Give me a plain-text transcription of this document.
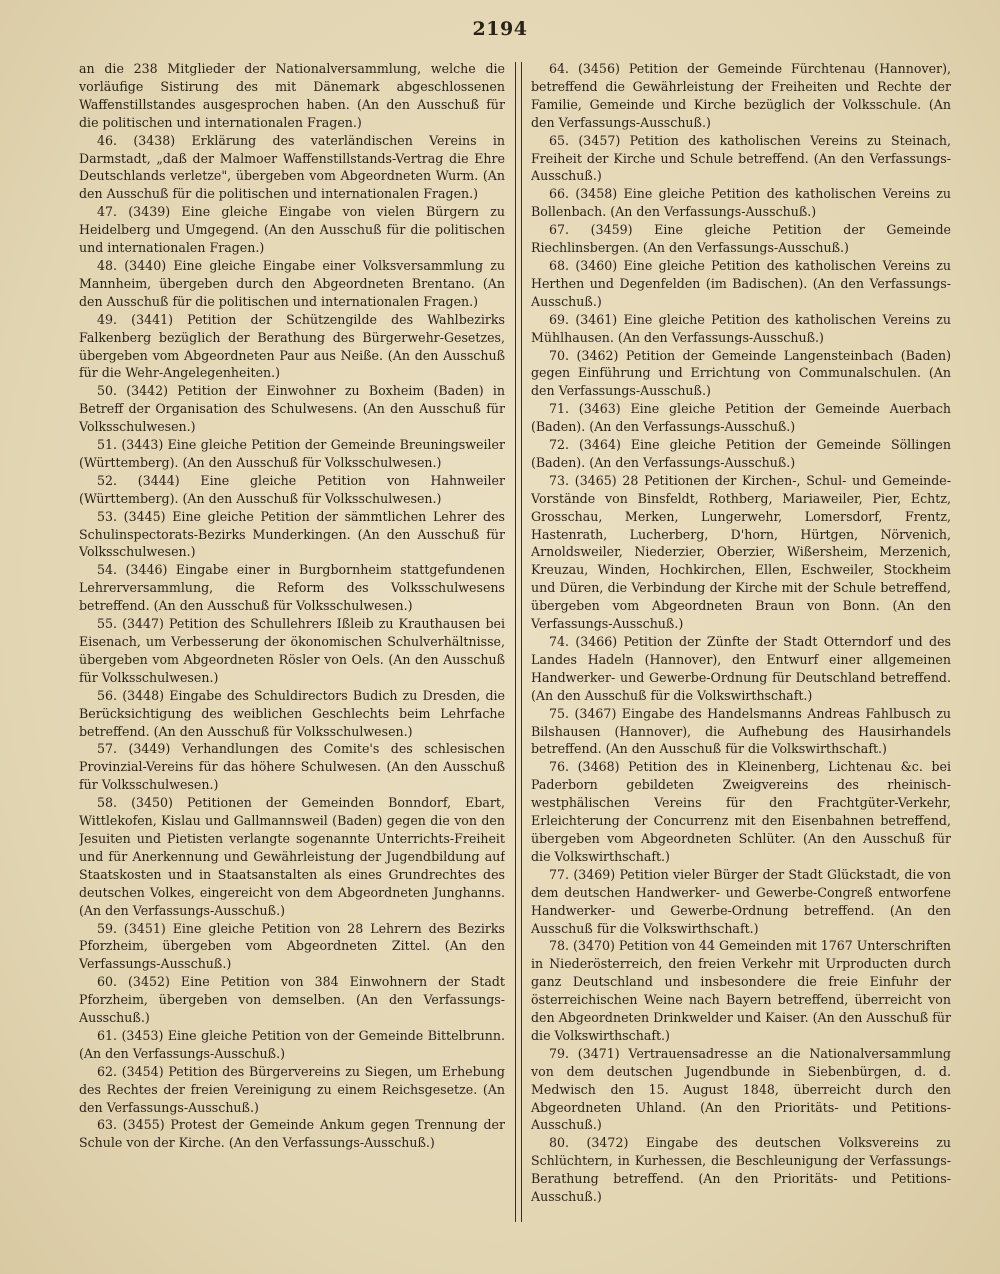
2194

an die 238 Mitglieder der Nationalversammlung, welche die vorläufige Sistirung des mit Dänemark abgeschlossenen Waffenstillstandes ausgesprochen haben. (An den Ausschuß für die politischen und internationalen Fragen.)

46. (3438) Erklärung des vaterländischen Vereins in Darmstadt, „daß der Malmoer Waffenstillstands-Vertrag die Ehre Deutschlands verletze", übergeben vom Abgeordneten Wurm. (An den Ausschuß für die politischen und internationalen Fragen.)

47. (3439) Eine gleiche Eingabe von vielen Bürgern zu Heidelberg und Umgegend. (An den Ausschuß für die politischen und internationalen Fragen.)

48. (3440) Eine gleiche Eingabe einer Volksversammlung zu Mannheim, übergeben durch den Abgeordneten Brentano. (An den Ausschuß für die politischen und internationalen Fragen.)

49. (3441) Petition der Schützengilde des Wahlbezirks Falkenberg bezüglich der Berathung des Bürgerwehr-Gesetzes, übergeben vom Abgeordneten Paur aus Neiße. (An den Ausschuß für die Wehr-Angelegenheiten.)

50. (3442) Petition der Einwohner zu Boxheim (Baden) in Betreff der Organisation des Schulwesens. (An den Ausschuß für Volksschulwesen.)

51. (3443) Eine gleiche Petition der Gemeinde Breuningsweiler (Württemberg). (An den Ausschuß für Volksschulwesen.)

52. (3444) Eine gleiche Petition von Hahnweiler (Württemberg). (An den Ausschuß für Volksschulwesen.)

53. (3445) Eine gleiche Petition der sämmtlichen Lehrer des Schulinspectorats-Bezirks Munderkingen. (An den Ausschuß für Volksschulwesen.)

54. (3446) Eingabe einer in Burgbornheim stattgefundenen Lehrerversammlung, die Reform des Volksschulwesens betreffend. (An den Ausschuß für Volksschulwesen.)

55. (3447) Petition des Schullehrers Ißleib zu Krauthausen bei Eisenach, um Verbesserung der ökonomischen Schulverhältnisse, übergeben vom Abgeordneten Rösler von Oels. (An den Ausschuß für Volksschulwesen.)

56. (3448) Eingabe des Schuldirectors Budich zu Dresden, die Berücksichtigung des weiblichen Geschlechts beim Lehrfache betreffend. (An den Ausschuß für Volksschulwesen.)

57. (3449) Verhandlungen des Comite's des schlesischen Provinzial-Vereins für das höhere Schulwesen. (An den Ausschuß für Volksschulwesen.)

58. (3450) Petitionen der Gemeinden Bonndorf, Ebart, Wittlekofen, Kislau und Gallmannsweil (Baden) gegen die von den Jesuiten und Pietisten verlangte sogenannte Unterrichts-Freiheit und für Anerkennung und Gewährleistung der Jugendbildung auf Staatskosten und in Staatsanstalten als eines Grundrechtes des deutschen Volkes, eingereicht von dem Abgeordneten Junghanns. (An den Verfassungs-Ausschuß.)

59. (3451) Eine gleiche Petition von 28 Lehrern des Bezirks Pforzheim, übergeben vom Abgeordneten Zittel. (An den Verfassungs-Ausschuß.)

60. (3452) Eine Petition von 384 Einwohnern der Stadt Pforzheim, übergeben von demselben. (An den Verfassungs-Ausschuß.)

61. (3453) Eine gleiche Petition von der Gemeinde Bittelbrunn. (An den Verfassungs-Ausschuß.)

62. (3454) Petition des Bürgervereins zu Siegen, um Erhebung des Rechtes der freien Vereinigung zu einem Reichsgesetze. (An den Verfassungs-Ausschuß.)

63. (3455) Protest der Gemeinde Ankum gegen Trennung der Schule von der Kirche. (An den Verfassungs-Ausschuß.)

64. (3456) Petition der Gemeinde Fürchtenau (Hannover), betreffend die Gewährleistung der Freiheiten und Rechte der Familie, Gemeinde und Kirche bezüglich der Volksschule. (An den Verfassungs-Ausschuß.)

65. (3457) Petition des katholischen Vereins zu Steinach, Freiheit der Kirche und Schule betreffend. (An den Verfassungs-Ausschuß.)

66. (3458) Eine gleiche Petition des katholischen Vereins zu Bollenbach. (An den Verfassungs-Ausschuß.)

67. (3459) Eine gleiche Petition der Gemeinde Riechlinsbergen. (An den Verfassungs-Ausschuß.)

68. (3460) Eine gleiche Petition des katholischen Vereins zu Herthen und Degenfelden (im Badischen). (An den Verfassungs-Ausschuß.)

69. (3461) Eine gleiche Petition des katholischen Vereins zu Mühlhausen. (An den Verfassungs-Ausschuß.)

70. (3462) Petition der Gemeinde Langensteinbach (Baden) gegen Einführung und Errichtung von Communalschulen. (An den Verfassungs-Ausschuß.)

71. (3463) Eine gleiche Petition der Gemeinde Auerbach (Baden). (An den Verfassungs-Ausschuß.)

72. (3464) Eine gleiche Petition der Gemeinde Söllingen (Baden). (An den Verfassungs-Ausschuß.)

73. (3465) 28 Petitionen der Kirchen-, Schul- und Gemeinde-Vorstände von Binsfeldt, Rothberg, Mariaweiler, Pier, Echtz, Grosschau, Merken, Lungerwehr, Lomersdorf, Frentz, Hastenrath, Lucherberg, D'horn, Hürtgen, Nörvenich, Arnoldsweiler, Niederzier, Oberzier, Wißersheim, Merzenich, Kreuzau, Winden, Hochkirchen, Ellen, Eschweiler, Stockheim und Düren, die Verbindung der Kirche mit der Schule betreffend, übergeben vom Abgeordneten Braun von Bonn. (An den Verfassungs-Ausschuß.)

74. (3466) Petition der Zünfte der Stadt Otterndorf und des Landes Hadeln (Hannover), den Entwurf einer allgemeinen Handwerker- und Gewerbe-Ordnung für Deutschland betreffend. (An den Ausschuß für die Volkswirthschaft.)

75. (3467) Eingabe des Handelsmanns Andreas Fahlbusch zu Bilshausen (Hannover), die Aufhebung des Hausirhandels betreffend. (An den Ausschuß für die Volkswirthschaft.)

76. (3468) Petition des in Kleinenberg, Lichtenau &c. bei Paderborn gebildeten Zweigvereins des rheinisch-westphälischen Vereins für den Frachtgüter-Verkehr, Erleichterung der Concurrenz mit den Eisenbahnen betreffend, übergeben vom Abgeordneten Schlüter. (An den Ausschuß für die Volkswirthschaft.)

77. (3469) Petition vieler Bürger der Stadt Glückstadt, die von dem deutschen Handwerker- und Gewerbe-Congreß entworfene Handwerker- und Gewerbe-Ordnung betreffend. (An den Ausschuß für die Volkswirthschaft.)

78. (3470) Petition von 44 Gemeinden mit 1767 Unterschriften in Niederösterreich, den freien Verkehr mit Urproducten durch ganz Deutschland und insbesondere die freie Einfuhr der österreichischen Weine nach Bayern betreffend, überreicht von den Abgeordneten Drinkwelder und Kaiser. (An den Ausschuß für die Volkswirthschaft.)

79. (3471) Vertrauensadresse an die Nationalversammlung von dem deutschen Jugendbunde in Siebenbürgen, d. d. Medwisch den 15. August 1848, überreicht durch den Abgeordneten Uhland. (An den Prioritäts- und Petitions-Ausschuß.)

80. (3472) Eingabe des deutschen Volksvereins zu Schlüchtern, in Kurhessen, die Beschleunigung der Verfassungs-Berathung betreffend. (An den Prioritäts- und Petitions-Ausschuß.)
